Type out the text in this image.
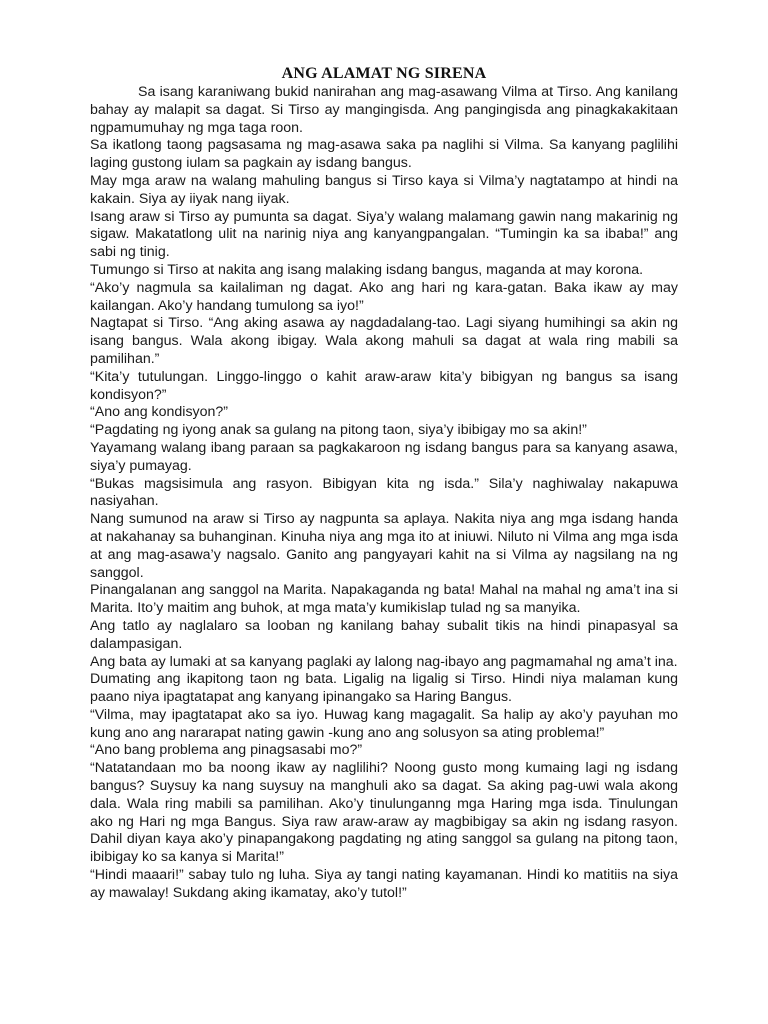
ANG ALAMAT NG SIRENA

Sa isang karaniwang bukid nanirahan ang mag-asawang Vilma at Tirso. Ang kanilang bahay ay malapit sa dagat. Si Tirso ay mangingisda. Ang pangingisda ang pinagkakakitaan ngpamumuhay ng mga taga roon.

Sa ikatlong taong pagsasama ng mag-asawa saka pa naglihi si Vilma. Sa kanyang paglilihi laging gustong iulam sa pagkain ay isdang bangus.

May mga araw na walang mahuling bangus si Tirso kaya si Vilma’y nagtatampo at hindi na kakain. Siya ay iiyak nang iiyak.

Isang araw si Tirso ay pumunta sa dagat. Siya’y walang malamang gawin nang makarinig ng sigaw. Makatatlong ulit na narinig niya ang kanyangpangalan. “Tumingin ka sa ibaba!” ang sabi ng tinig.

Tumungo si Tirso at nakita ang isang malaking isdang bangus, maganda at may korona.

“Ako’y nagmula sa kailaliman ng dagat. Ako ang hari ng kara-gatan. Baka ikaw ay may kailangan. Ako’y handang tumulong sa iyo!”

Nagtapat si Tirso. “Ang aking asawa ay nagdadalang-tao. Lagi siyang humihingi sa akin ng isang bangus. Wala akong ibigay. Wala akong mahuli sa dagat at wala ring mabili sa pamilihan.”

“Kita’y tutulungan. Linggo-linggo o kahit araw-araw kita’y bibigyan ng bangus sa isang kondisyon?”

“Ano ang kondisyon?”

“Pagdating ng iyong anak sa gulang na pitong taon, siya’y ibibigay mo sa akin!”

Yayamang walang ibang paraan sa pagkakaroon ng isdang bangus para sa kanyang asawa, siya’y pumayag.

“Bukas magsisimula ang rasyon. Bibigyan kita ng isda.” Sila’y naghiwalay nakapuwa nasiyahan.

Nang sumunod na araw si Tirso ay nagpunta sa aplaya. Nakita niya ang mga isdang handa at nakahanay sa buhanginan. Kinuha niya ang mga ito at iniuwi. Niluto ni Vilma ang mga isda at ang mag-asawa’y nagsalo. Ganito ang pangyayari kahit na si Vilma ay nagsilang na ng sanggol.

Pinangalanan ang sanggol na Marita. Napakaganda ng bata! Mahal na mahal ng ama’t ina si Marita. Ito’y maitim ang buhok, at mga mata’y kumikislap tulad ng sa manyika.

Ang tatlo ay naglalaro sa looban ng kanilang bahay subalit tikis na hindi pinapasyal sa dalampasigan.

Ang bata ay lumaki at sa kanyang paglaki ay lalong nag-ibayo ang pagmamahal ng ama’t ina.

Dumating ang ikapitong taon ng bata. Ligalig na ligalig si Tirso. Hindi niya malaman kung paano niya ipagtatapat ang kanyang ipinangako sa Haring Bangus.

“Vilma, may ipagtatapat ako sa iyo. Huwag kang magagalit. Sa halip ay ako’y payuhan mo kung ano ang nararapat nating gawin -kung ano ang solusyon sa ating problema!”

“Ano bang problema ang pinagsasabi mo?”

“Natatandaan mo ba noong ikaw ay naglilihi? Noong gusto mong kumaing lagi ng isdang bangus? Suysuy ka nang suysuy na manghuli ako sa dagat. Sa aking pag-uwi wala akong dala. Wala ring mabili sa pamilihan. Ako’y tinulunganng mga Haring mga isda. Tinulungan ako ng Hari ng mga Bangus. Siya raw araw-araw ay magbibigay sa akin ng isdang rasyon. Dahil diyan kaya ako’y pinapangakong pagdating ng ating sanggol sa gulang na pitong taon, ibibigay ko sa kanya si Marita!”

“Hindi maaari!” sabay tulo ng luha. Siya ay tangi nating kayamanan. Hindi ko matitiis na siya ay mawalay! Sukdang aking ikamatay, ako’y tutol!”
